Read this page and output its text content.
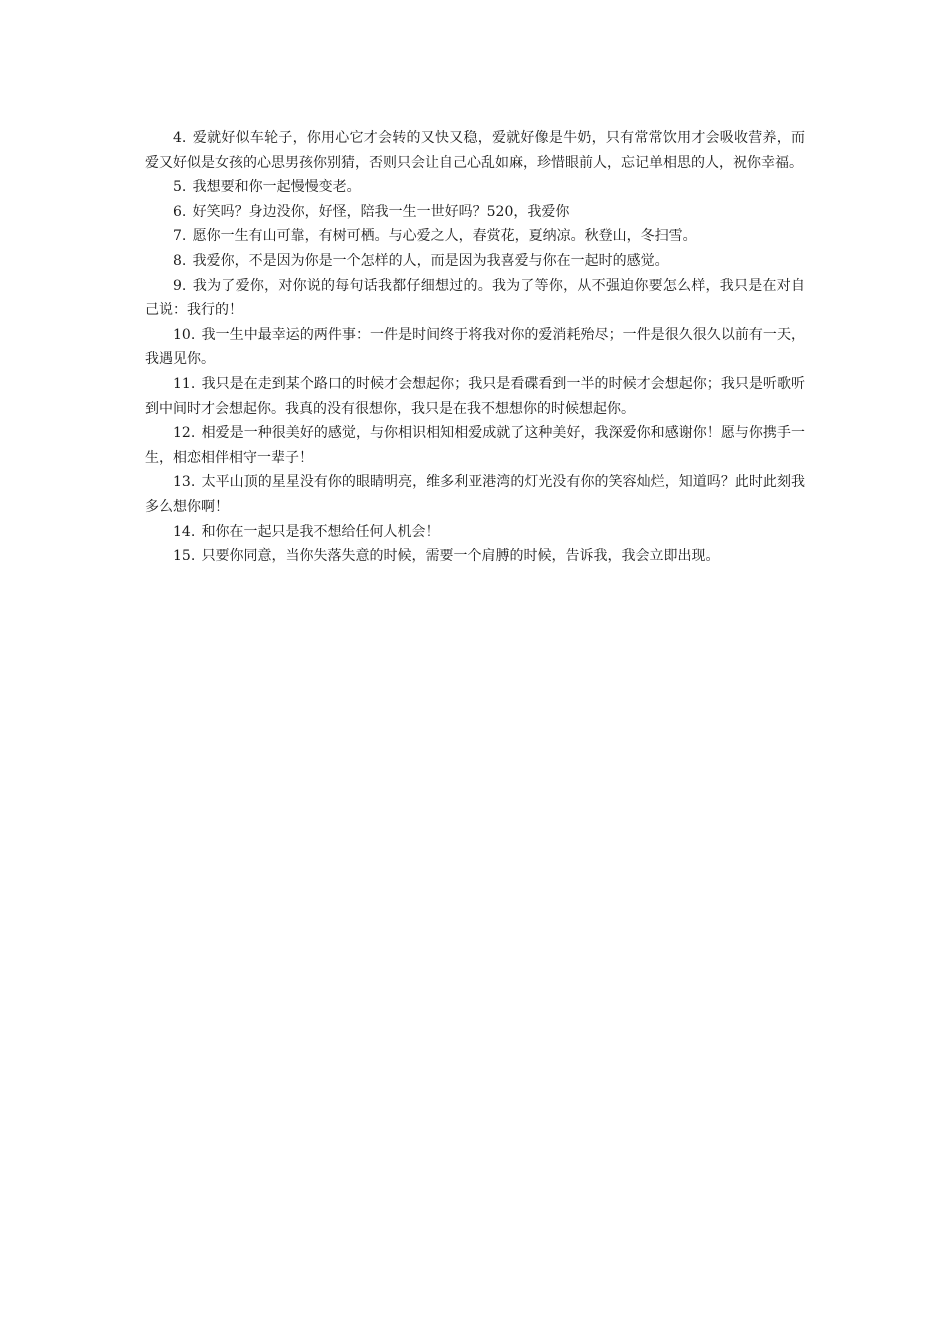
4. 爱就好似车轮子，你用心它才会转的又快又稳，爱就好像是牛奶，只有常常饮用才会吸收营养，而爱又好似是女孩的心思男孩你别猜，否则只会让自己心乱如麻，珍惜眼前人，忘记单相思的人，祝你幸福。

5. 我想要和你一起慢慢变老。

6. 好笑吗？身边没你，好怪，陪我一生一世好吗？520，我爱你

7. 愿你一生有山可靠，有树可栖。与心爱之人，春赏花，夏纳凉。秋登山，冬扫雪。

8. 我爱你，不是因为你是一个怎样的人，而是因为我喜爱与你在一起时的感觉。

9. 我为了爱你，对你说的每句话我都仔细想过的。我为了等你，从不强迫你要怎么样，我只是在对自己说：我行的！

10. 我一生中最幸运的两件事：一件是时间终于将我对你的爱消耗殆尽；一件是很久很久以前有一天，我遇见你。

11. 我只是在走到某个路口的时候才会想起你；我只是看碟看到一半的时候才会想起你；我只是听歌听到中间时才会想起你。我真的没有很想你，我只是在我不想想你的时候想起你。

12. 相爱是一种很美好的感觉，与你相识相知相爱成就了这种美好，我深爱你和感谢你！愿与你携手一生，相恋相伴相守一辈子！

13. 太平山顶的星星没有你的眼睛明亮，维多利亚港湾的灯光没有你的笑容灿烂，知道吗？此时此刻我多么想你啊！

14. 和你在一起只是我不想给任何人机会！

15. 只要你同意，当你失落失意的时候，需要一个肩膊的时候，告诉我，我会立即出现。
